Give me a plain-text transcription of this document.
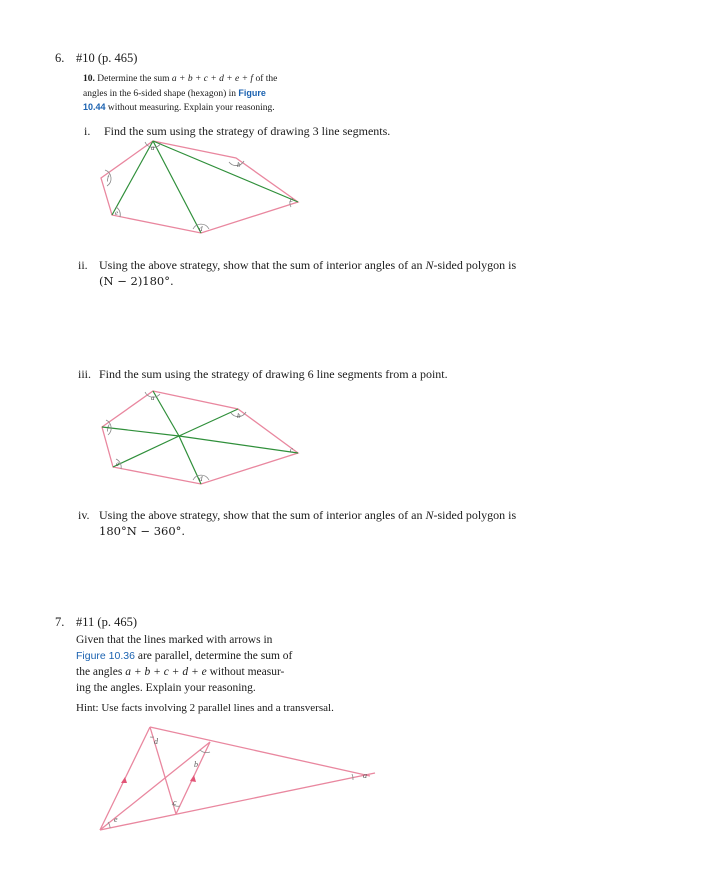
6. #10 (p. 465)
10. Determine the sum a + b + c + d + e + f of the
angles in the 6-sided shape (hexagon) in Figure
10.44 without measuring. Explain your reasoning.
i. Find the sum using the strategy of drawing 3 line segments.
a
b
c
d
e
f
ii. Using the above strategy, show that the sum of interior angles of an N-sided polygon is
(N − 2)180°.
iii. Find the sum using the strategy of drawing 6 line segments from a point.
a
b
c
d
e
f
iv. Using the above strategy, show that the sum of interior angles of an N-sided polygon is
180°N − 360°.
7. #11 (p. 465)
Given that the lines marked with arrows in
Figure 10.36 are parallel, determine the sum of
the angles a + b + c + d + e without measur-
ing the angles. Explain your reasoning.
Hint: Use facts involving 2 parallel lines and a transversal.
a
b
c
d
e
